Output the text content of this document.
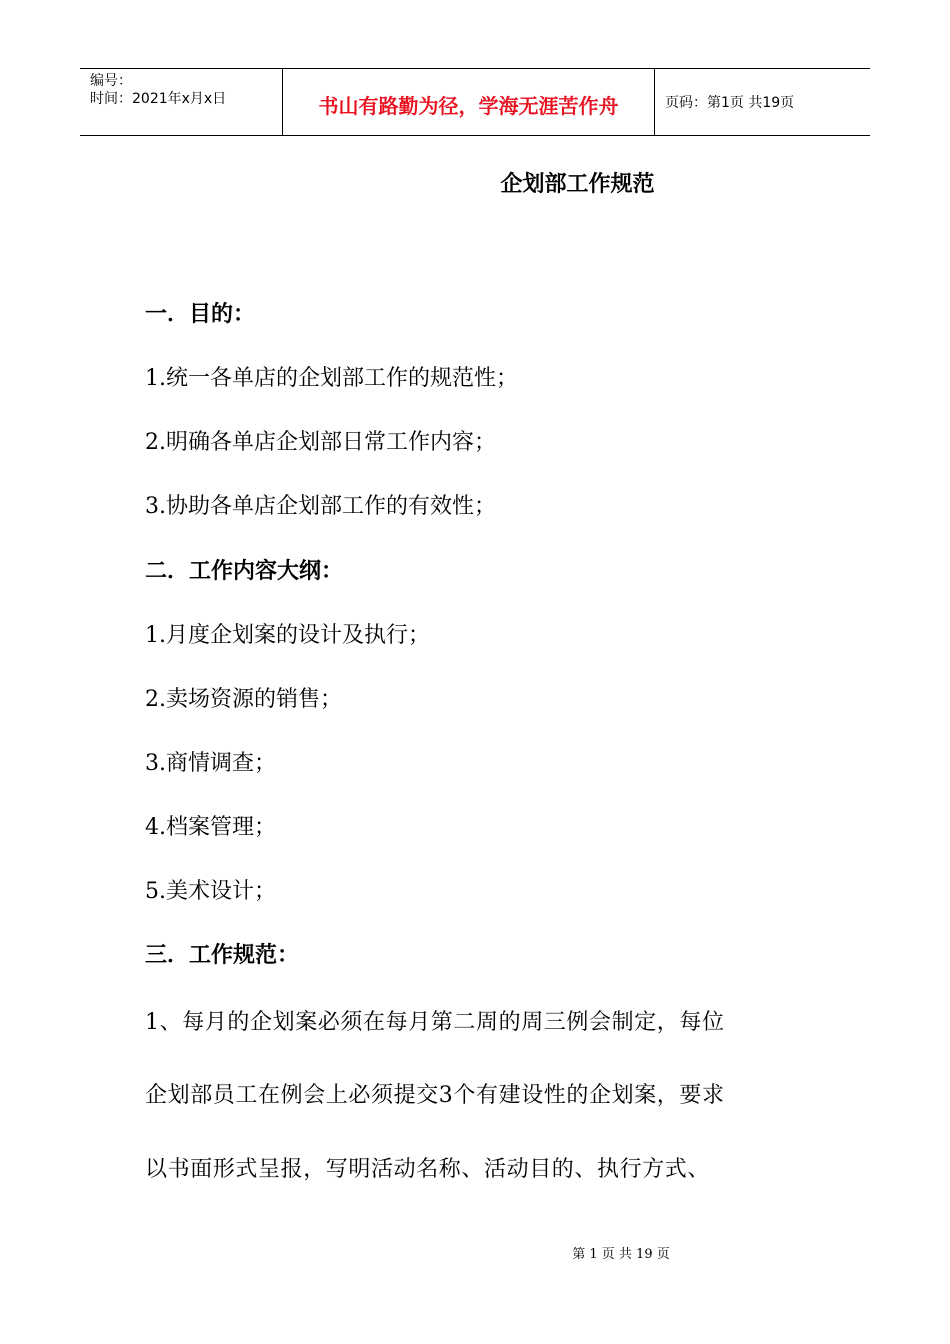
编号：
时间：2021年x月x日	书山有路勤为径，学海无涯苦作舟	页码：第1页 共19页
企划部工作规范
一．目的：
1.统一各单店的企划部工作的规范性；
2.明确各单店企划部日常工作内容；
3.协助各单店企划部工作的有效性；
二．工作内容大纲：
1.月度企划案的设计及执行；
2.卖场资源的销售；
3.商情调查；
4.档案管理；
5.美术设计；
三．工作规范：
1、每月的企划案必须在每月第二周的周三例会制定，每位
企划部员工在例会上必须提交3个有建设性的企划案，要求
以书面形式呈报，写明活动名称、活动目的、执行方式、
第 1 页 共 19 页
